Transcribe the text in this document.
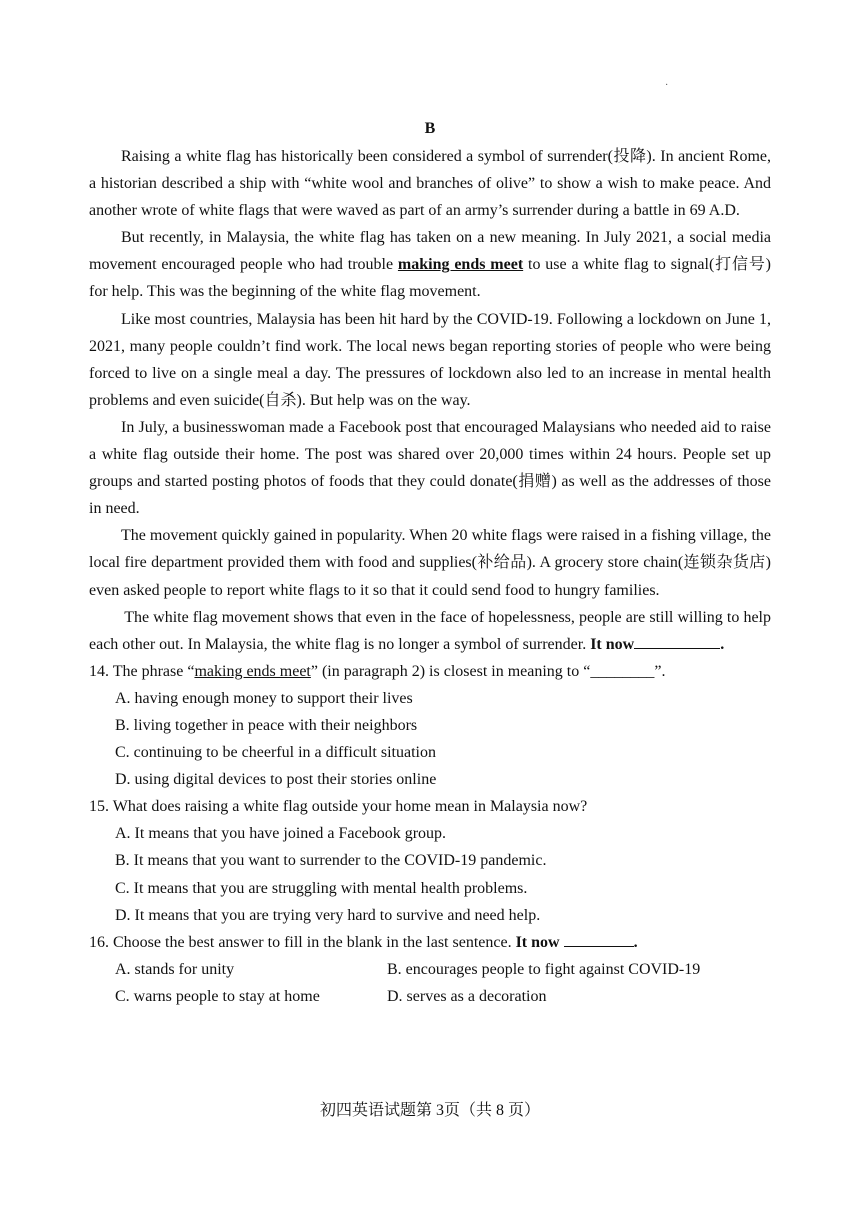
·
B

Raising a white flag has historically been considered a symbol of surrender(投降). In ancient Rome, a historian described a ship with “white wool and branches of olive” to show a wish to make peace. And another wrote of white flags that were waved as part of an army’s surrender during a battle in 69 A.D.

But recently, in Malaysia, the white flag has taken on a new meaning. In July 2021, a social media movement encouraged people who had trouble making ends meet to use a white flag to signal(打信号) for help. This was the beginning of the white flag movement.

Like most countries, Malaysia has been hit hard by the COVID-19. Following a lockdown on June 1, 2021, many people couldn’t find work. The local news began reporting stories of people who were being forced to live on a single meal a day. The pressures of lockdown also led to an increase in mental health problems and even suicide(自杀). But help was on the way.

In July, a businesswoman made a Facebook post that encouraged Malaysians who needed aid to raise a white flag outside their home. The post was shared over 20,000 times within 24 hours. People set up groups and started posting photos of foods that they could donate(捐赠) as well as the addresses of those in need.

The movement quickly gained in popularity. When 20 white flags were raised in a fishing village, the local fire department provided them with food and supplies(补给品). A grocery store chain(连锁杂货店) even asked people to report white flags to it so that it could send food to hungry families.

The white flag movement shows that even in the face of hopelessness, people are still willing to help each other out. In Malaysia, the white flag is no longer a symbol of surrender. It now	.

14. The phrase “making ends meet” (in paragraph 2) is closest in meaning to “________”.

A. having enough money to support their lives

B. living together in peace with their neighbors

C. continuing to be cheerful in a difficult situation

D. using digital devices to post their stories online

15. What does raising a white flag outside your home mean in Malaysia now?

A. It means that you have joined a Facebook group.

B. It means that you want to surrender to the COVID-19 pandemic.

C. It means that you are struggling with mental health problems.

D. It means that you are trying very hard to survive and need help.

16. Choose the best answer to fill in the blank in the last sentence. It now	.

A. stands for unity	B. encourages people to fight against COVID-19
C. warns people to stay at home	D. serves as a decoration
初四英语试题第 3页（共 8 页）
